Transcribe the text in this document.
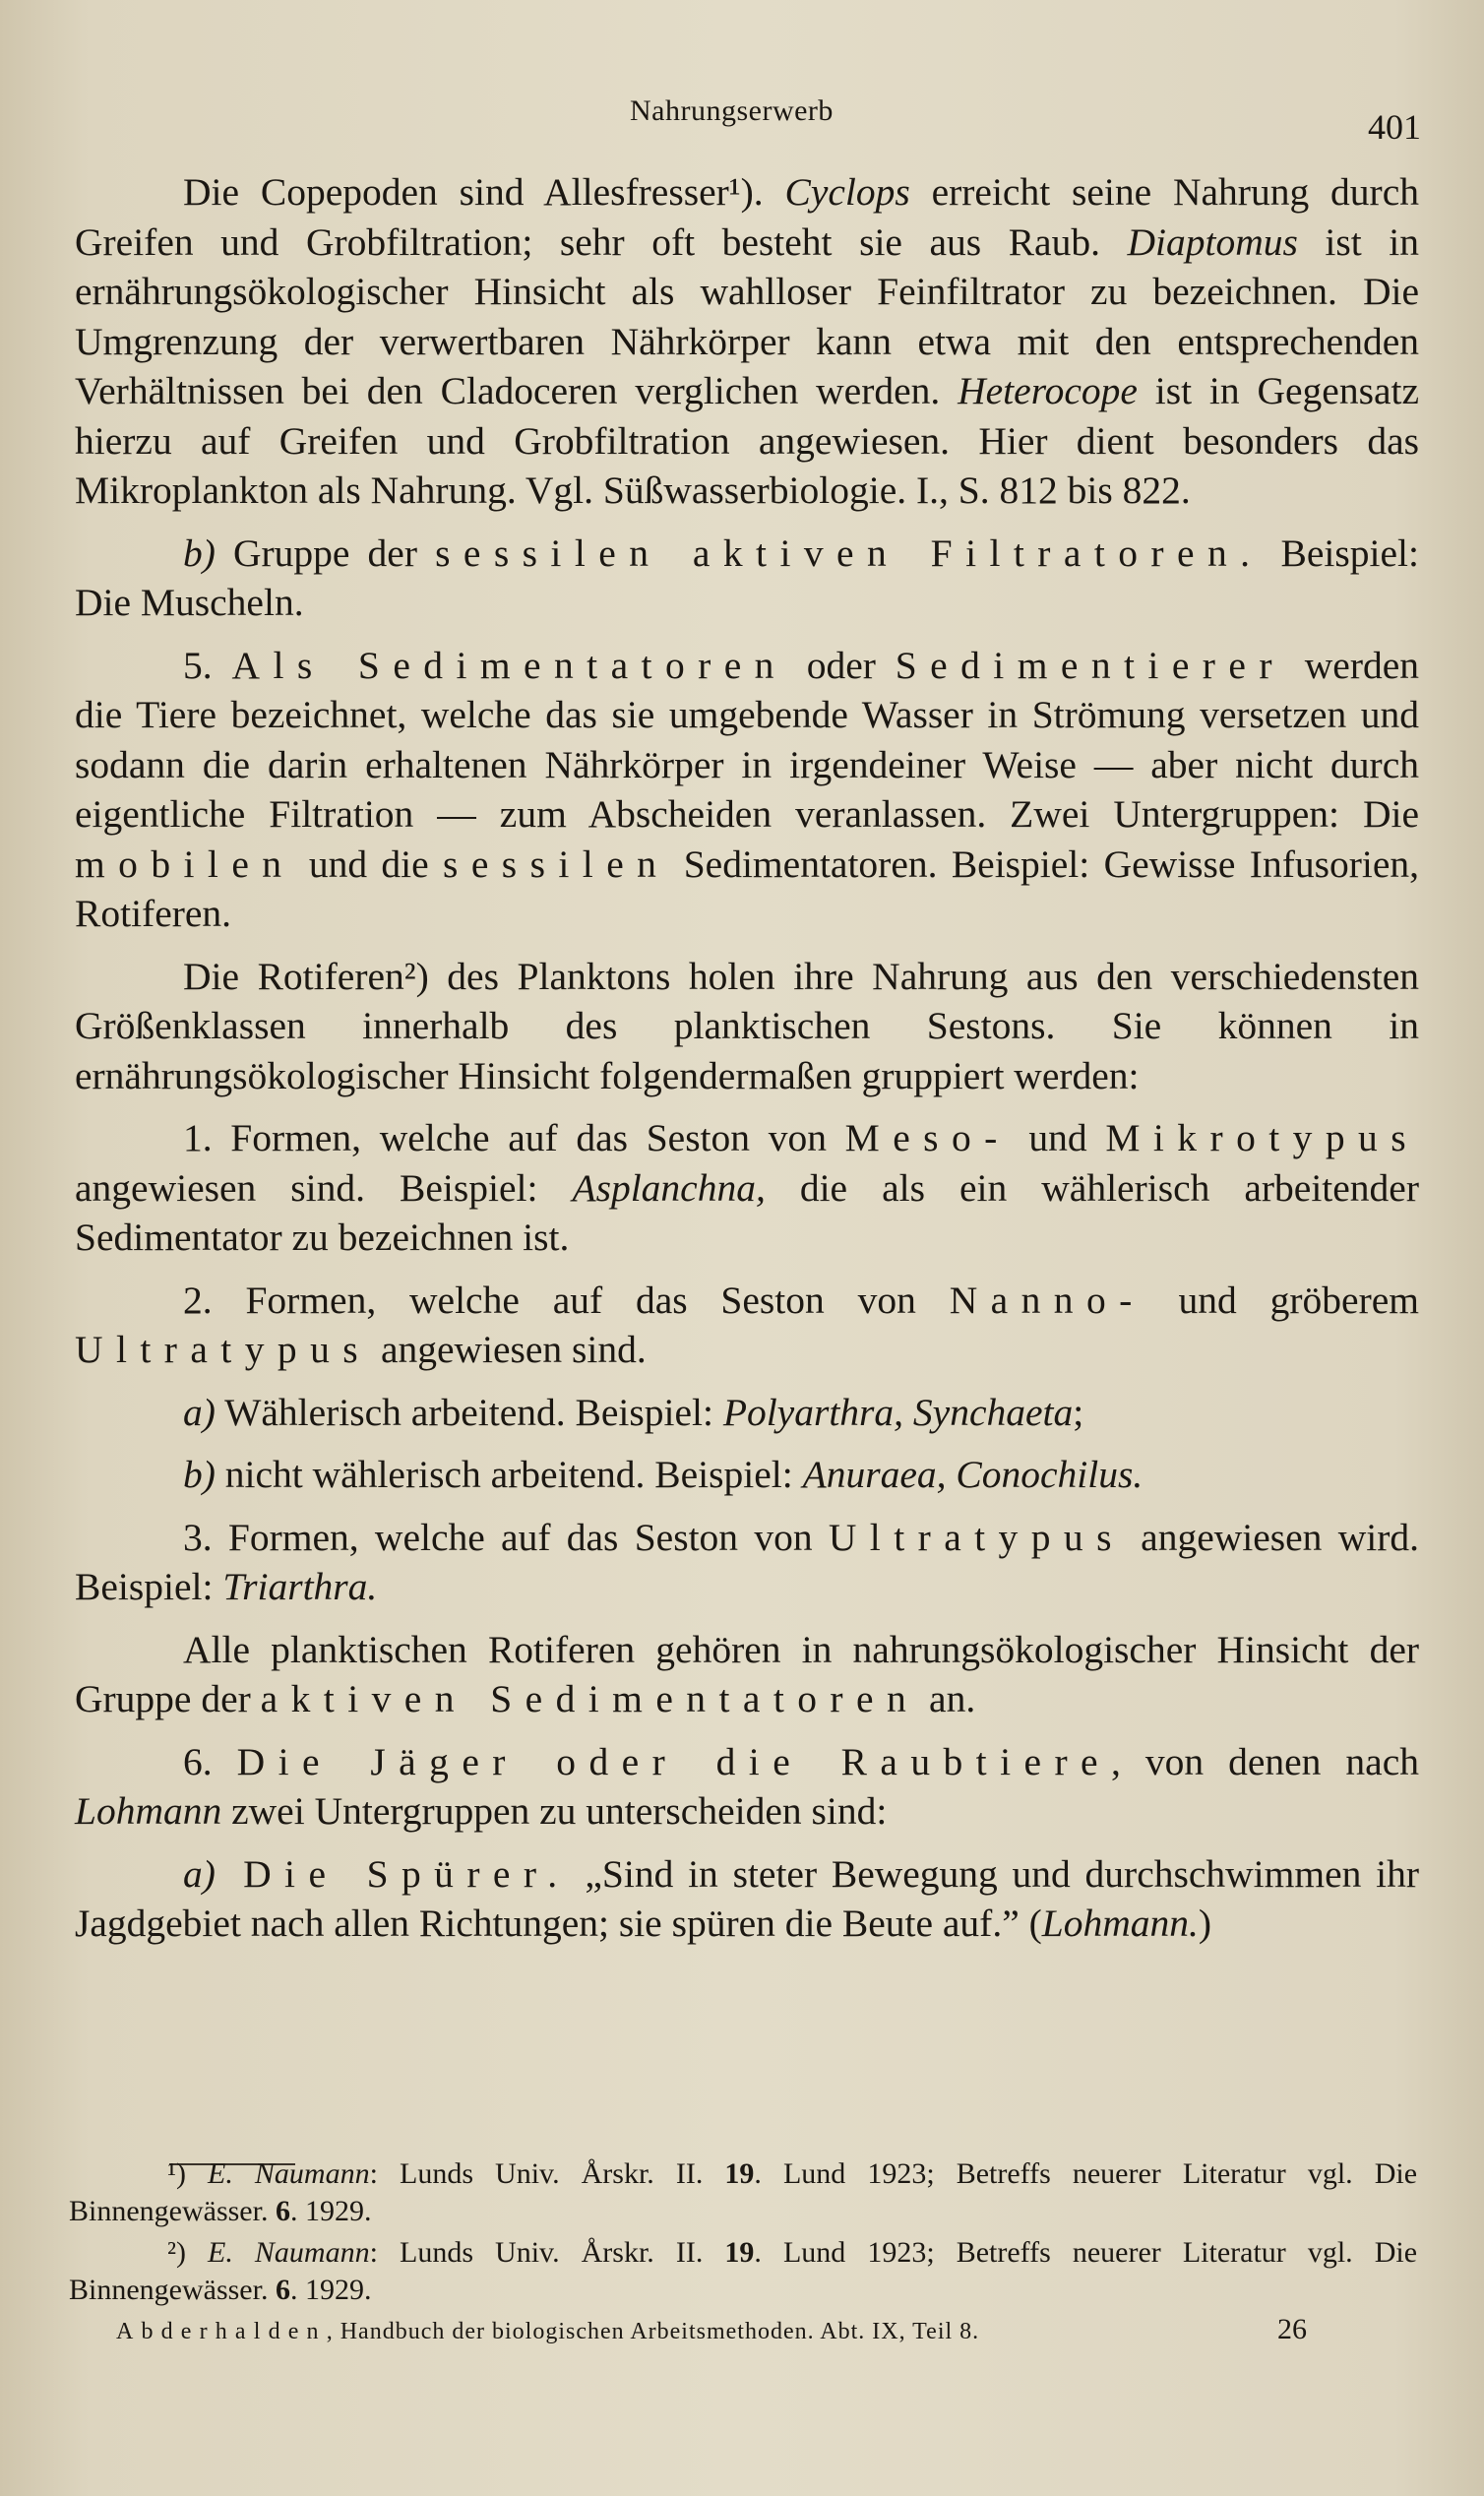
Nahrungserwerb	401

Die Copepoden sind Allesfresser¹). Cyclops erreicht seine Nahrung durch Greifen und Grobfiltration; sehr oft besteht sie aus Raub. Diaptomus ist in ernährungsökologischer Hinsicht als wahlloser Feinfiltrator zu bezeichnen. Die Umgrenzung der verwertbaren Nährkörper kann etwa mit den entsprechenden Verhältnissen bei den Cladoceren verglichen werden. Heterocope ist in Gegensatz hierzu auf Greifen und Grobfiltration angewiesen. Hier dient besonders das Mikroplankton als Nahrung. Vgl. Süßwasserbiologie. I., S. 812 bis 822.

b) Gruppe der sessilen aktiven Filtratoren. Beispiel: Die Muscheln.

5. Als Sedimentatoren oder Sedimentierer werden die Tiere bezeichnet, welche das sie umgebende Wasser in Strömung versetzen und sodann die darin erhaltenen Nährkörper in irgendeiner Weise — aber nicht durch eigentliche Filtration — zum Abscheiden veranlassen. Zwei Untergruppen: Die mobilen und die sessilen Sedimentatoren. Beispiel: Gewisse Infusorien, Rotiferen.

Die Rotiferen²) des Planktons holen ihre Nahrung aus den verschiedensten Größenklassen innerhalb des planktischen Sestons. Sie können in ernährungsökologischer Hinsicht folgendermaßen gruppiert werden:

1. Formen, welche auf das Seston von Meso- und Mikrotypus angewiesen sind. Beispiel: Asplanchna, die als ein wählerisch arbeitender Sedimentator zu bezeichnen ist.

2. Formen, welche auf das Seston von Nanno- und gröberem Ultratypus angewiesen sind.

a) Wählerisch arbeitend. Beispiel: Polyarthra, Synchaeta;

b) nicht wählerisch arbeitend. Beispiel: Anuraea, Conochilus.

3. Formen, welche auf das Seston von Ultratypus angewiesen wird. Beispiel: Triarthra.

Alle planktischen Rotiferen gehören in nahrungsökologischer Hinsicht der Gruppe der aktiven Sedimentatoren an.

6. Die Jäger oder die Raubtiere, von denen nach Lohmann zwei Untergruppen zu unterscheiden sind:

a) Die Spürer. „Sind in steter Bewegung und durchschwimmen ihr Jagdgebiet nach allen Richtungen; sie spüren die Beute auf.” (Lohmann.)

¹) E. Naumann: Lunds Univ. Årskr. II. 19. Lund 1923; Betreffs neuerer Literatur vgl. Die Binnengewässer. 6. 1929.

²) E. Naumann: Lunds Univ. Årskr. II. 19. Lund 1923; Betreffs neuerer Literatur vgl. Die Binnengewässer. 6. 1929.

Abderhalden, Handbuch der biologischen Arbeitsmethoden. Abt. IX, Teil 8.	26
